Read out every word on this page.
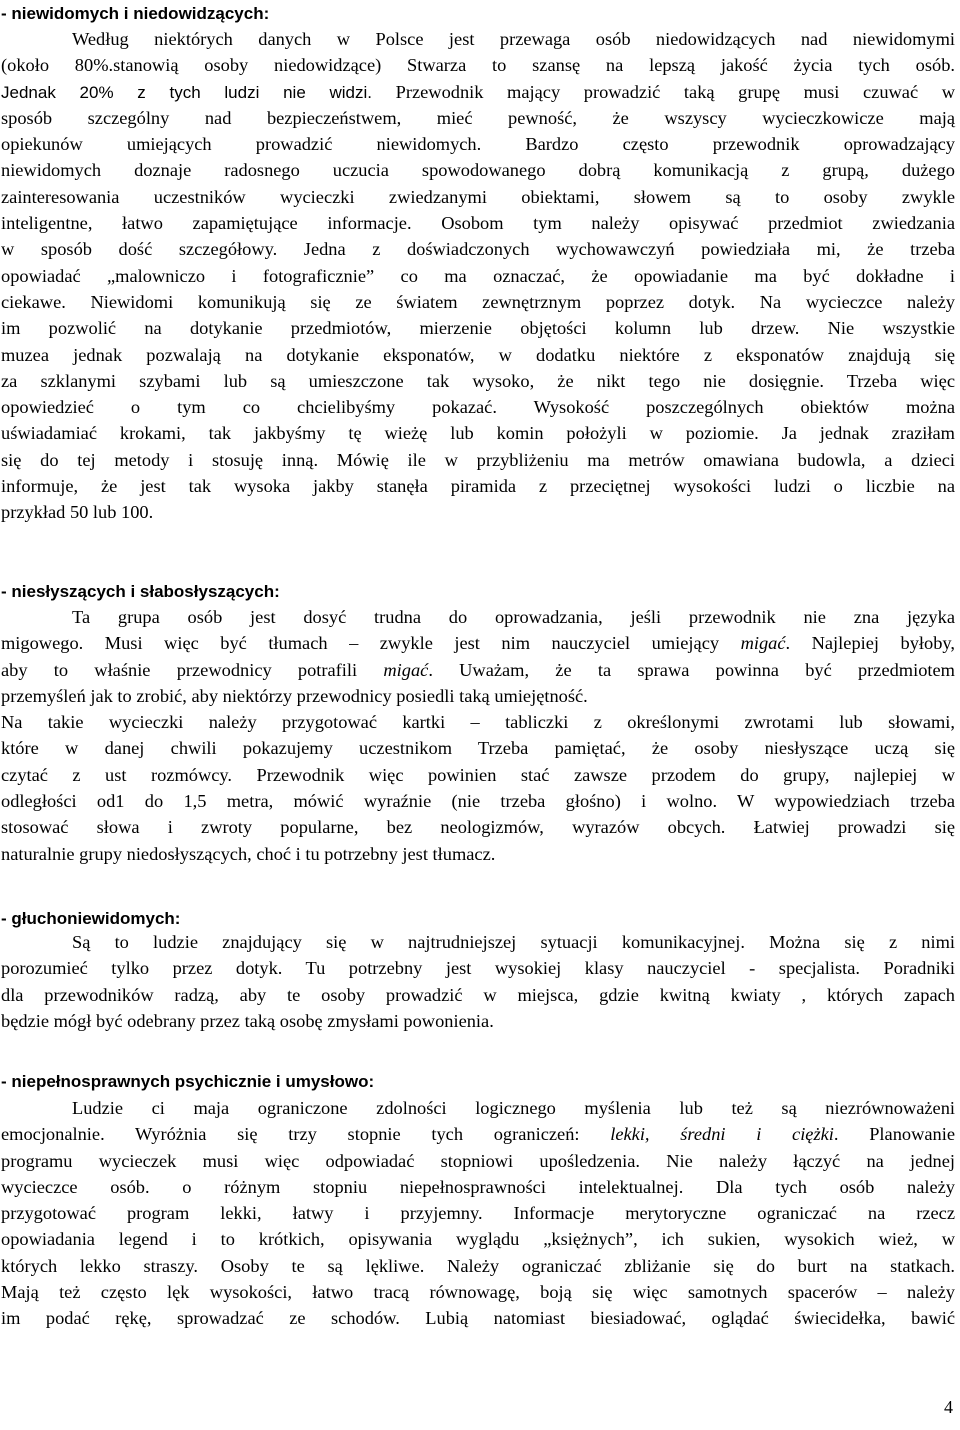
- niewidomych i niedowidzących:
Według niektórych danych w Polsce jest przewaga osób niedowidzących nad niewidomymi
(około 80%.stanowią osoby niedowidzące) Stwarza to szansę na lepszą jakość życia tych osób.
Jednak 20% z tych ludzi nie widzi. Przewodnik mający prowadzić taką grupę musi czuwać w
sposób szczególny nad bezpieczeństwem, mieć pewność, że wszyscy wycieczkowicze mają
opiekunów umiejących prowadzić niewidomych. Bardzo często przewodnik oprowadzający
niewidomych doznaje radosnego uczucia spowodowanego dobrą komunikacją z grupą, dużego
zainteresowania uczestników wycieczki zwiedzanymi obiektami, słowem są to osoby zwykle
inteligentne, łatwo zapamiętujące informacje. Osobom tym należy opisywać przedmiot zwiedzania
w sposób dość szczegółowy. Jedna z doświadczonych wychowawczyń powiedziała mi, że trzeba
opowiadać „malowniczo i fotograficznie” co ma oznaczać, że opowiadanie ma być dokładne i
ciekawe. Niewidomi komunikują się ze światem zewnętrznym poprzez dotyk. Na wycieczce należy
im pozwolić na dotykanie przedmiotów, mierzenie objętości kolumn lub drzew. Nie wszystkie
muzea jednak pozwalają na dotykanie eksponatów, w dodatku niektóre z eksponatów znajdują się
za szklanymi szybami lub są umieszczone tak wysoko, że nikt tego nie dosięgnie. Trzeba więc
opowiedzieć o tym co chcielibyśmy pokazać. Wysokość poszczególnych obiektów można
uświadamiać krokami, tak jakbyśmy tę wieżę lub komin położyli w poziomie. Ja jednak zraziłam
się do tej metody i stosuję inną. Mówię ile w przybliżeniu ma metrów omawiana budowla, a dzieci
informuje, że jest tak wysoka jakby stanęła piramida z przeciętnej wysokości ludzi o liczbie na
przykład 50 lub 100.
- niesłyszących i słabosłyszących:
Ta grupa osób jest dosyć trudna do oprowadzania, jeśli przewodnik nie zna języka
migowego. Musi więc być tłumach – zwykle jest nim nauczyciel umiejący migać. Najlepiej byłoby,
aby to właśnie przewodnicy potrafili migać. Uważam, że ta sprawa powinna być przedmiotem
przemyśleń jak to zrobić, aby niektórzy przewodnicy posiedli taką umiejętność.
Na takie wycieczki należy przygotować kartki – tabliczki z określonymi zwrotami lub słowami,
które w danej chwili pokazujemy uczestnikom Trzeba pamiętać, że osoby niesłyszące uczą się
czytać z ust rozmówcy. Przewodnik więc powinien stać zawsze przodem do grupy, najlepiej w
odległości od1 do 1,5 metra, mówić wyraźnie (nie trzeba głośno) i wolno. W wypowiedziach trzeba
stosować słowa i zwroty popularne, bez neologizmów, wyrazów obcych. Łatwiej prowadzi się
naturalnie grupy niedosłyszących, choć i tu potrzebny jest tłumacz.
- głuchoniewidomych:
Są to ludzie znajdujący się w najtrudniejszej sytuacji komunikacyjnej. Można się z nimi
porozumieć tylko przez dotyk. Tu potrzebny jest wysokiej klasy nauczyciel - specjalista. Poradniki
dla przewodników radzą, aby te osoby prowadzić w miejsca, gdzie kwitną kwiaty , których zapach
będzie mógł być odebrany przez taką osobę zmysłami powonienia.
- niepełnosprawnych psychicznie i umysłowo:
Ludzie ci maja ograniczone zdolności logicznego myślenia lub też są niezrównoważeni
emocjonalnie. Wyróżnia się trzy stopnie tych ograniczeń: lekki, średni i ciężki. Planowanie
programu wycieczek musi więc odpowiadać stopniowi upośledzenia. Nie należy łączyć na jednej
wycieczce osób. o różnym stopniu niepełnosprawności intelektualnej. Dla tych osób należy
przygotować program lekki, łatwy i przyjemny. Informacje merytoryczne ograniczać na rzecz
opowiadania legend i to krótkich, opisywania wyglądu „księżnych”, ich sukien, wysokich wież, w
których lekko straszy. Osoby te są lękliwe. Należy ograniczać zbliżanie się do burt na statkach.
Mają też często lęk wysokości, łatwo tracą równowagę, boją się więc samotnych spacerów – należy
im podać rękę, sprowadzać ze schodów. Lubią natomiast biesiadować, oglądać świecidełka, bawić
4
